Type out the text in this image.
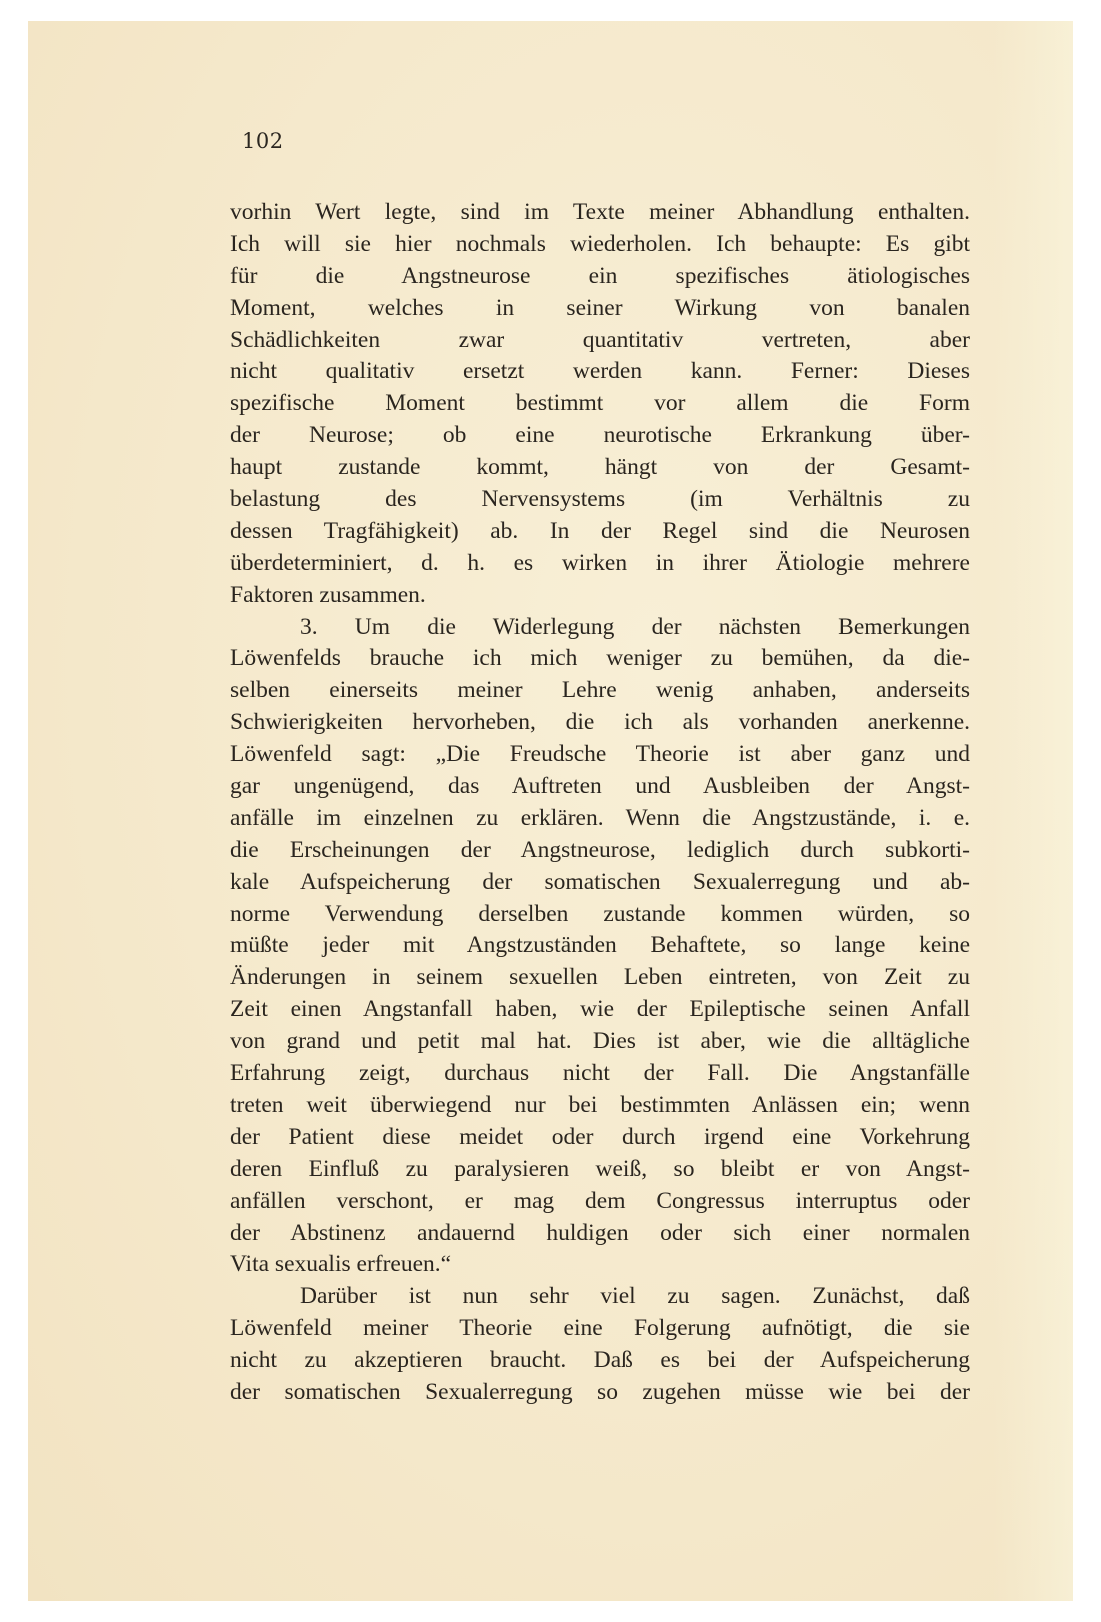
102
vorhin Wert legte, sind im Texte meiner Abhandlung enthalten.
Ich will sie hier nochmals wiederholen. Ich behaupte: Es gibt
für die Angstneurose ein spezifisches ätiologisches
Moment, welches in seiner Wirkung von banalen
Schädlichkeiten zwar quantitativ vertreten, aber
nicht qualitativ ersetzt werden kann. Ferner: Dieses
spezifische Moment bestimmt vor allem die Form
der Neurose; ob eine neurotische Erkrankung über-
haupt zustande kommt, hängt von der Gesamt-
belastung des Nervensystems (im Verhältnis zu
dessen Tragfähigkeit) ab. In der Regel sind die Neurosen
überdeterminiert, d. h. es wirken in ihrer Ätiologie mehrere
Faktoren zusammen.
3. Um die Widerlegung der nächsten Bemerkungen
Löwenfelds brauche ich mich weniger zu bemühen, da die-
selben einerseits meiner Lehre wenig anhaben, anderseits
Schwierigkeiten hervorheben, die ich als vorhanden anerkenne.
Löwenfeld sagt: „Die Freudsche Theorie ist aber ganz und
gar ungenügend, das Auftreten und Ausbleiben der Angst-
anfälle im einzelnen zu erklären. Wenn die Angstzustände, i. e.
die Erscheinungen der Angstneurose, lediglich durch subkorti-
kale Aufspeicherung der somatischen Sexualerregung und ab-
norme Verwendung derselben zustande kommen würden, so
müßte jeder mit Angstzuständen Behaftete, so lange keine
Änderungen in seinem sexuellen Leben eintreten, von Zeit zu
Zeit einen Angstanfall haben, wie der Epileptische seinen Anfall
von grand und petit mal hat. Dies ist aber, wie die alltägliche
Erfahrung zeigt, durchaus nicht der Fall. Die Angstanfälle
treten weit überwiegend nur bei bestimmten Anlässen ein; wenn
der Patient diese meidet oder durch irgend eine Vorkehrung
deren Einfluß zu paralysieren weiß, so bleibt er von Angst-
anfällen verschont, er mag dem Congressus interruptus oder
der Abstinenz andauernd huldigen oder sich einer normalen
Vita sexualis erfreuen.“
Darüber ist nun sehr viel zu sagen. Zunächst, daß
Löwenfeld meiner Theorie eine Folgerung aufnötigt, die sie
nicht zu akzeptieren braucht. Daß es bei der Aufspeicherung
der somatischen Sexualerregung so zugehen müsse wie bei der
